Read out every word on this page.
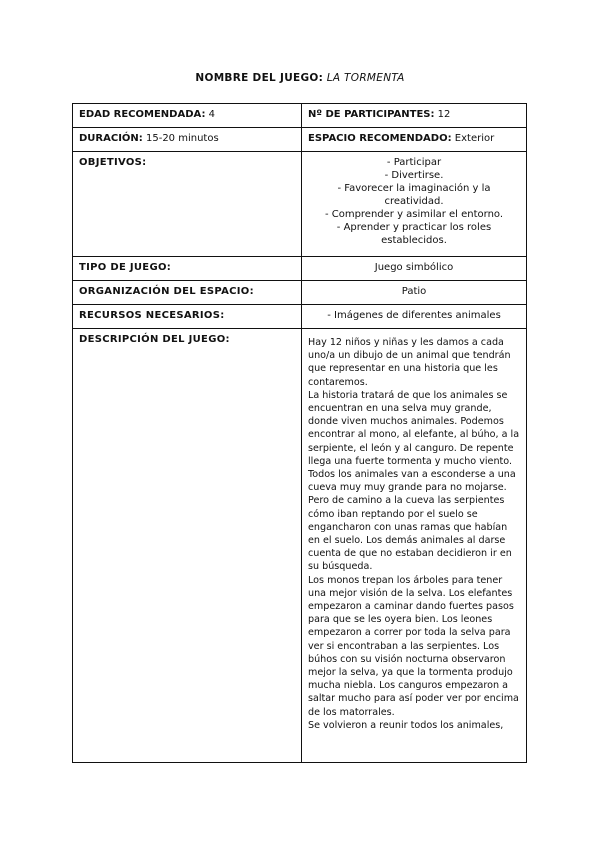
NOMBRE DEL JUEGO: LA TORMENTA
EDAD RECOMENDADA: 4	Nº DE PARTICIPANTES: 12
DURACIÓN: 15-20 minutos	ESPACIO RECOMENDADO: Exterior
OBJETIVOS:	- Participar
- Divertirse.
- Favorecer la imaginación y la creatividad.
- Comprender y asimilar el entorno.
- Aprender y practicar los roles establecidos.

TIPO DE JUEGO:	Juego simbólico
ORGANIZACIÓN DEL ESPACIO:	Patio
RECURSOS NECESARIOS:	- Imágenes de diferentes animales
DESCRIPCIÓN DEL JUEGO:	Hay 12 niños y niñas y les damos a cada uno/a un dibujo de un animal que tendrán que representar en una historia que les contaremos.

La historia tratará de que los animales se encuentran en una selva muy grande, donde viven muchos animales. Podemos encontrar al mono, al elefante, al búho, a la serpiente, el león y al canguro. De repente llega una fuerte tormenta y mucho viento.

Todos los animales van a esconderse a una cueva muy muy grande para no mojarse. Pero de camino a la cueva las serpientes cómo iban reptando por el suelo se engancharon con unas ramas que habían en el suelo. Los demás animales al darse cuenta de que no estaban decidieron ir en su búsqueda.

Los monos trepan los árboles para tener una mejor visión de la selva. Los elefantes empezaron a caminar dando fuertes pasos para que se les oyera bien. Los leones empezaron a correr por toda la selva para ver si encontraban a las serpientes. Los búhos con su visión nocturna observaron mejor la selva, ya que la tormenta produjo mucha niebla. Los canguros empezaron a saltar mucho para así poder ver por encima de los matorrales.

Se volvieron a reunir todos los animales,
